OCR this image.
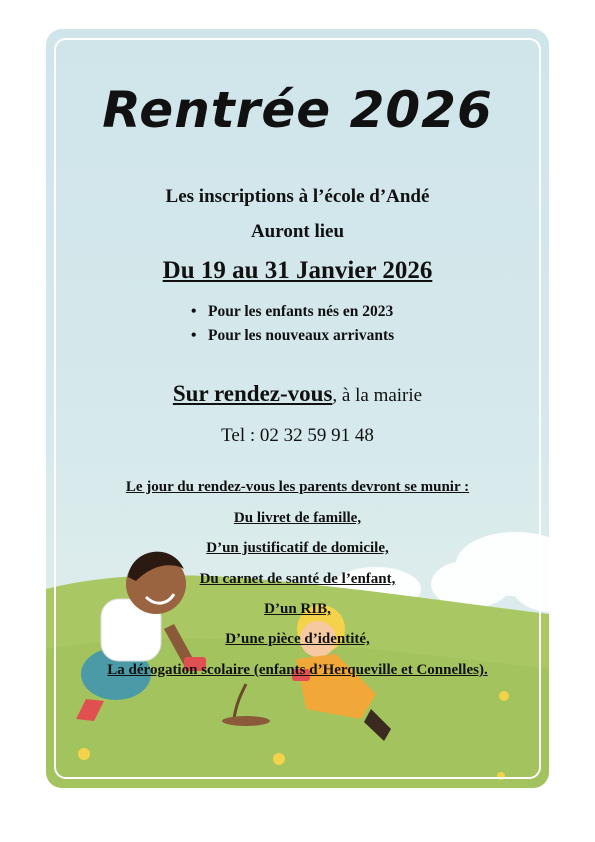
Rentrée 2026
Les inscriptions à l’école d’Andé
Auront lieu
Du 19 au 31 Janvier 2026
• Pour les enfants nés en 2023
• Pour les nouveaux arrivants
Sur rendez-vous, à la mairie
Tel : 02 32 59 91 48
Le jour du rendez-vous les parents devront se munir :
Du livret de famille,
D’un justificatif de domicile,
Du carnet de santé de l’enfant,
D’un RIB,
D’une pièce d’identité,
La dérogation scolaire (enfants d’Herqueville et Connelles).
